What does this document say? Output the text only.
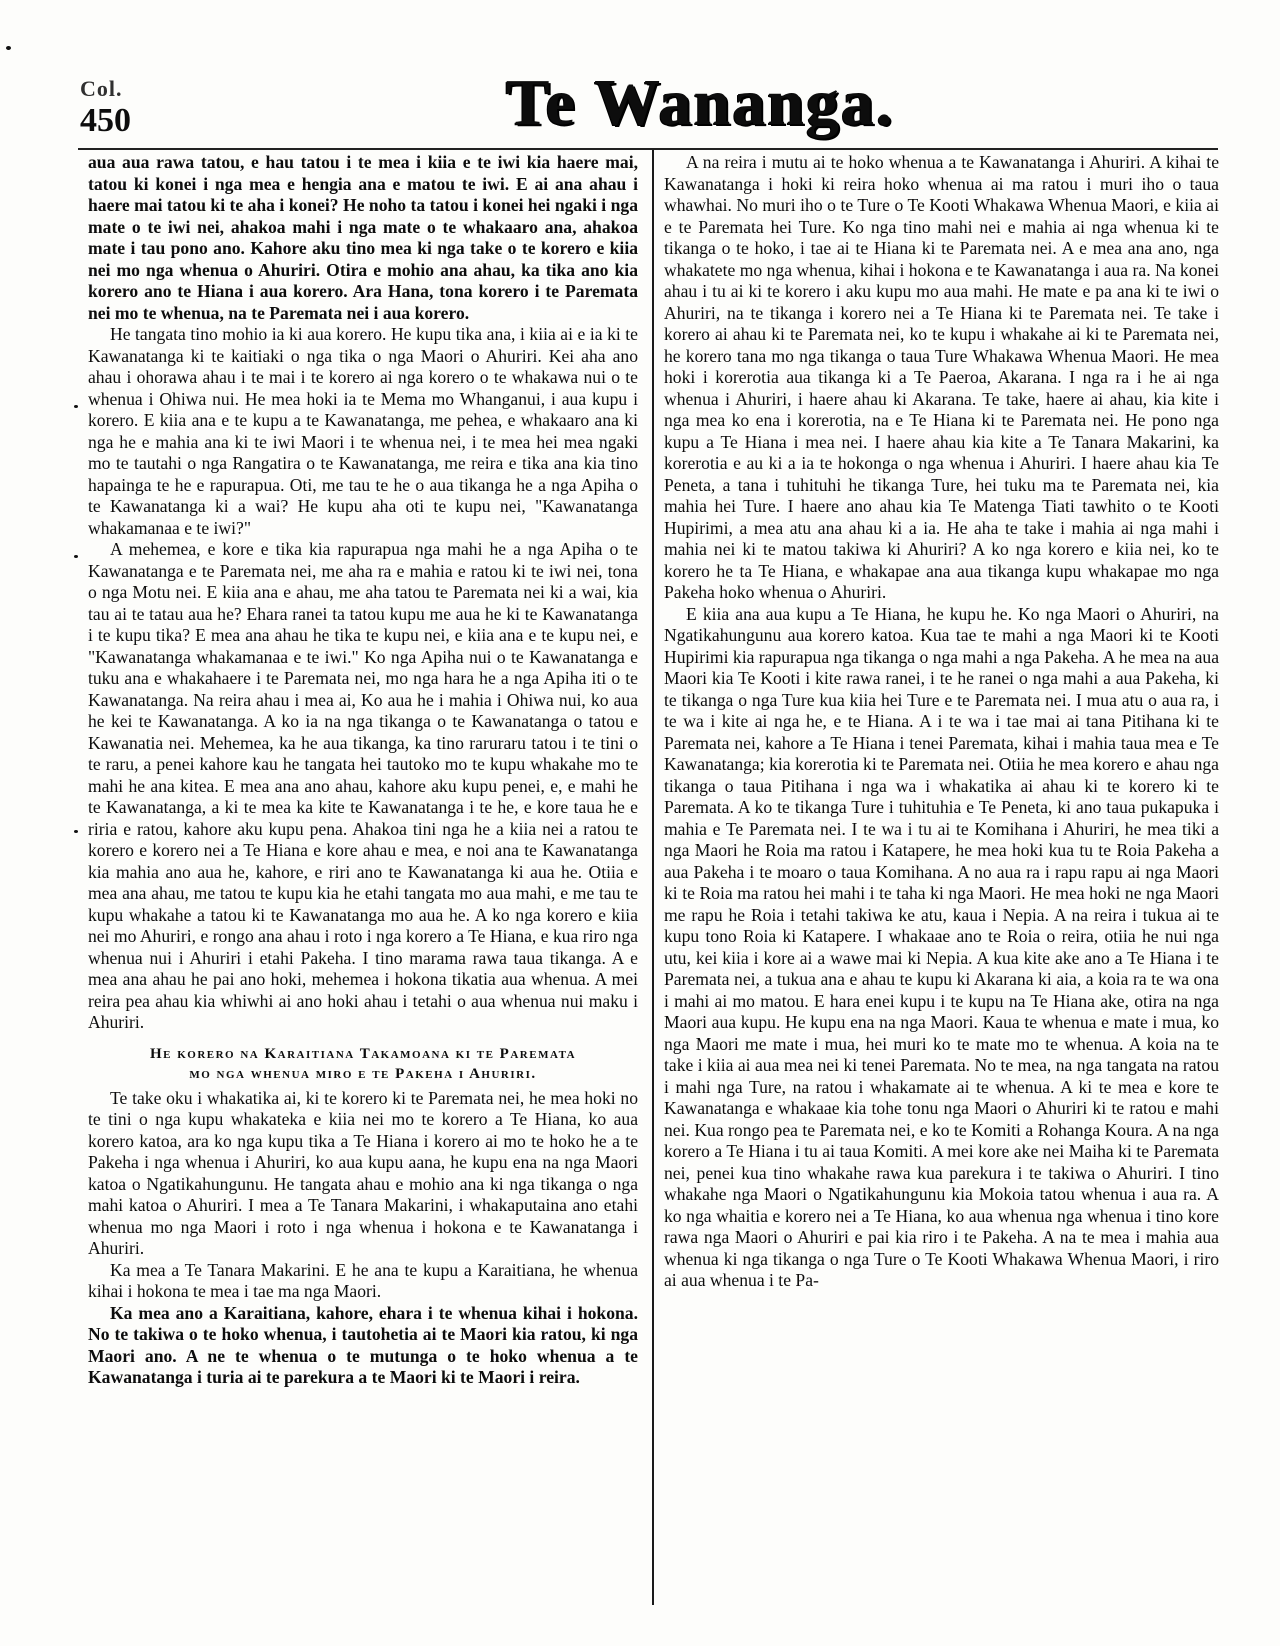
Col.
450	Te Wananga.

aua aua rawa tatou, e hau tatou i te mea i kiia e te iwi kia haere mai, tatou ki konei i nga mea e hengia ana e matou te iwi. E ai ana ahau i haere mai tatou ki te aha i konei? He noho ta tatou i konei hei ngaki i nga mate o te iwi nei, ahakoa mahi i nga mate o te whakaaro ana, ahakoa mate i tau pono ano. Kahore aku tino mea ki nga take o te korero e kiia nei mo nga whenua o Ahuriri. Otira e mohio ana ahau, ka tika ano kia korero ano te Hiana i aua korero. Ara Hana, tona korero i te Paremata nei mo te whenua, na te Paremata nei i aua korero.

He tangata tino mohio ia ki aua korero. He kupu tika ana, i kiia ai e ia ki te Kawanatanga ki te kaitiaki o nga tika o nga Maori o Ahuriri. Kei aha ano ahau i ohorawa ahau i te mai i te korero ai nga korero o te whakawa nui o te whenua i Ohiwa nui. He mea hoki ia te Mema mo Whanganui, i aua kupu i korero. E kiia ana e te kupu a te Kawanatanga, me pehea, e whakaaro ana ki nga he e mahia ana ki te iwi Maori i te whenua nei, i te mea hei mea ngaki mo te tautahi o nga Rangatira o te Kawanatanga, me reira e tika ana kia tino hapainga te he e rapurapua. Oti, me tau te he o aua tikanga he a nga Apiha o te Kawanatanga ki a wai? He kupu aha oti te kupu nei, "Kawanatanga whakamanaa e te iwi?"

A mehemea, e kore e tika kia rapurapua nga mahi he a nga Apiha o te Kawanatanga e te Paremata nei, me aha ra e mahia e ratou ki te iwi nei, tona o nga Motu nei. E kiia ana e ahau, me aha tatou te Paremata nei ki a wai, kia tau ai te tatau aua he? Ehara ranei ta tatou kupu me aua he ki te Kawanatanga i te kupu tika? E mea ana ahau he tika te kupu nei, e kiia ana e te kupu nei, e "Kawanatanga whakamanaa e te iwi." Ko nga Apiha nui o te Kawanatanga e tuku ana e whakahaere i te Paremata nei, mo nga hara he a nga Apiha iti o te Kawanatanga. Na reira ahau i mea ai, Ko aua he i mahia i Ohiwa nui, ko aua he kei te Kawanatanga. A ko ia na nga tikanga o te Kawanatanga o tatou e Kawanatia nei. Mehemea, ka he aua tikanga, ka tino raruraru tatou i te tini o te raru, a penei kahore kau he tangata hei tautoko mo te kupu whakahe mo te mahi he ana kitea. E mea ana ano ahau, kahore aku kupu penei, e, e mahi he te Kawanatanga, a ki te mea ka kite te Kawanatanga i te he, e kore taua he e riria e ratou, kahore aku kupu pena. Ahakoa tini nga he a kiia nei a ratou te korero e korero nei a Te Hiana e kore ahau e mea, e noi ana te Kawanatanga kia mahia ano aua he, kahore, e riri ano te Kawanatanga ki aua he. Otiia e mea ana ahau, me tatou te kupu kia he etahi tangata mo aua mahi, e me tau te kupu whakahe a tatou ki te Kawanatanga mo aua he. A ko nga korero e kiia nei mo Ahuriri, e rongo ana ahau i roto i nga korero a Te Hiana, e kua riro nga whenua nui i Ahuriri i etahi Pakeha. I tino marama rawa taua tikanga. A e mea ana ahau he pai ano hoki, mehemea i hokona tikatia aua whenua. A mei reira pea ahau kia whiwhi ai ano hoki ahau i tetahi o aua whenua nui maku i Ahuriri.

He korero na Karaitiana Takamoana ki te Paremata
mo nga whenua miro e te Pakeha i Ahuriri.

Te take oku i whakatika ai, ki te korero ki te Paremata nei, he mea hoki no te tini o nga kupu whakateka e kiia nei mo te korero a Te Hiana, ko aua korero katoa, ara ko nga kupu tika a Te Hiana i korero ai mo te hoko he a te Pakeha i nga whenua i Ahuriri, ko aua kupu aana, he kupu ena na nga Maori katoa o Ngatikahungunu. He tangata ahau e mohio ana ki nga tikanga o nga mahi katoa o Ahuriri. I mea a Te Tanara Makarini, i whakaputaina ano etahi whenua mo nga Maori i roto i nga whenua i hokona e te Kawanatanga i Ahuriri.

Ka mea a Te Tanara Makarini. E he ana te kupu a Karaitiana, he whenua kihai i hokona te mea i tae ma nga Maori.

Ka mea ano a Karaitiana, kahore, ehara i te whenua kihai i hokona. No te takiwa o te hoko whenua, i tautohetia ai te Maori kia ratou, ki nga Maori ano. A ne te whenua o te mutunga o te hoko whenua a te Kawanatanga i turia ai te parekura a te Maori ki te Maori i reira.

A na reira i mutu ai te hoko whenua a te Kawanatanga i Ahuriri. A kihai te Kawanatanga i hoki ki reira hoko whenua ai ma ratou i muri iho o taua whawhai. No muri iho o te Ture o Te Kooti Whakawa Whenua Maori, e kiia ai e te Paremata hei Ture. Ko nga tino mahi nei e mahia ai nga whenua ki te tikanga o te hoko, i tae ai te Hiana ki te Paremata nei. A e mea ana ano, nga whakatete mo nga whenua, kihai i hokona e te Kawanatanga i aua ra. Na konei ahau i tu ai ki te korero i aku kupu mo aua mahi. He mate e pa ana ki te iwi o Ahuriri, na te tikanga i korero nei a Te Hiana ki te Paremata nei. Te take i korero ai ahau ki te Paremata nei, ko te kupu i whakahe ai ki te Paremata nei, he korero tana mo nga tikanga o taua Ture Whakawa Whenua Maori. He mea hoki i korerotia aua tikanga ki a Te Paeroa, Akarana. I nga ra i he ai nga whenua i Ahuriri, i haere ahau ki Akarana. Te take, haere ai ahau, kia kite i nga mea ko ena i korerotia, na e Te Hiana ki te Paremata nei. He pono nga kupu a Te Hiana i mea nei. I haere ahau kia kite a Te Tanara Makarini, ka korerotia e au ki a ia te hokonga o nga whenua i Ahuriri. I haere ahau kia Te Peneta, a tana i tuhituhi he tikanga Ture, hei tuku ma te Paremata nei, kia mahia hei Ture. I haere ano ahau kia Te Matenga Tiati tawhito o te Kooti Hupirimi, a mea atu ana ahau ki a ia. He aha te take i mahia ai nga mahi i mahia nei ki te matou takiwa ki Ahuriri? A ko nga korero e kiia nei, ko te korero he ta Te Hiana, e whakapae ana aua tikanga kupu whakapae mo nga Pakeha hoko whenua o Ahuriri.

E kiia ana aua kupu a Te Hiana, he kupu he. Ko nga Maori o Ahuriri, na Ngatikahungunu aua korero katoa. Kua tae te mahi a nga Maori ki te Kooti Hupirimi kia rapurapua nga tikanga o nga mahi a nga Pakeha. A he mea na aua Maori kia Te Kooti i kite rawa ranei, i te he ranei o nga mahi a aua Pakeha, ki te tikanga o nga Ture kua kiia hei Ture e te Paremata nei. I mua atu o aua ra, i te wa i kite ai nga he, e te Hiana. A i te wa i tae mai ai tana Pitihana ki te Paremata nei, kahore a Te Hiana i tenei Paremata, kihai i mahia taua mea e Te Kawanatanga; kia korerotia ki te Paremata nei. Otiia he mea korero e ahau nga tikanga o taua Pitihana i nga wa i whakatika ai ahau ki te korero ki te Paremata. A ko te tikanga Ture i tuhituhia e Te Peneta, ki ano taua pukapuka i mahia e Te Paremata nei. I te wa i tu ai te Komihana i Ahuriri, he mea tiki a nga Maori he Roia ma ratou i Katapere, he mea hoki kua tu te Roia Pakeha a aua Pakeha i te moaro o taua Komihana. A no aua ra i rapu rapu ai nga Maori ki te Roia ma ratou hei mahi i te taha ki nga Maori. He mea hoki ne nga Maori me rapu he Roia i tetahi takiwa ke atu, kaua i Nepia. A na reira i tukua ai te kupu tono Roia ki Katapere. I whakaae ano te Roia o reira, otiia he nui nga utu, kei kiia i kore ai a wawe mai ki Nepia. A kua kite ake ano a Te Hiana i te Paremata nei, a tukua ana e ahau te kupu ki Akarana ki aia, a koia ra te wa ona i mahi ai mo matou. E hara enei kupu i te kupu na Te Hiana ake, otira na nga Maori aua kupu. He kupu ena na nga Maori. Kaua te whenua e mate i mua, ko nga Maori me mate i mua, hei muri ko te mate mo te whenua. A koia na te take i kiia ai aua mea nei ki tenei Paremata. No te mea, na nga tangata na ratou i mahi nga Ture, na ratou i whakamate ai te whenua. A ki te mea e kore te Kawanatanga e whakaae kia tohe tonu nga Maori o Ahuriri ki te ratou e mahi nei. Kua rongo pea te Paremata nei, e ko te Komiti a Rohanga Koura. A na nga korero a Te Hiana i tu ai taua Komiti. A mei kore ake nei Maiha ki te Paremata nei, penei kua tino whakahe rawa kua parekura i te takiwa o Ahuriri. I tino whakahe nga Maori o Ngatikahungunu kia Mokoia tatou whenua i aua ra. A ko nga whaitia e korero nei a Te Hiana, ko aua whenua nga whenua i tino kore rawa nga Maori o Ahuriri e pai kia riro i te Pakeha. A na te mea i mahia aua whenua ki nga tikanga o nga Ture o Te Kooti Whakawa Whenua Maori, i riro ai aua whenua i te Pa-
